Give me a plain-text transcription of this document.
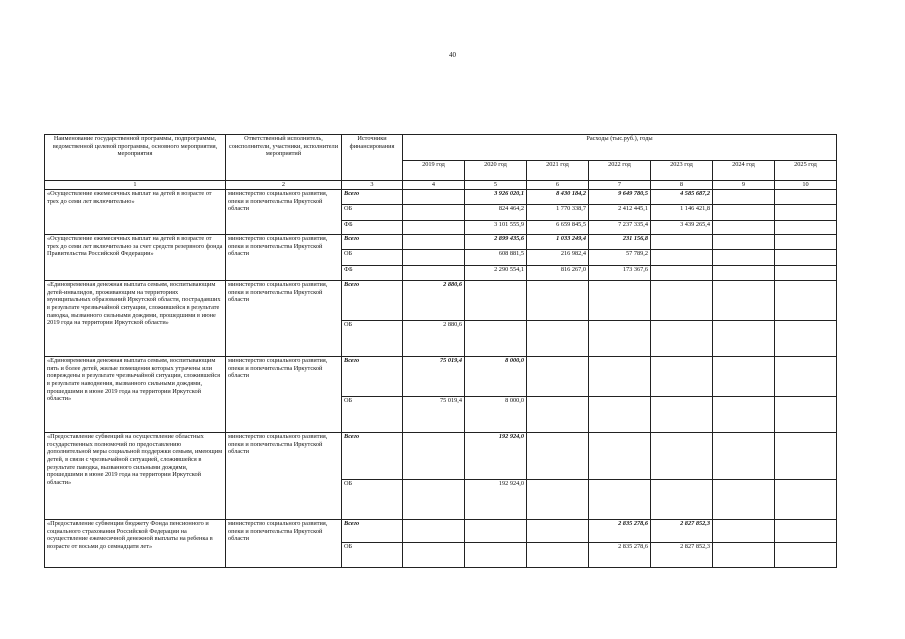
40
Наименование государственной программы, подпрограммы, ведомственной целевой программы, основного мероприятия, мероприятия	Ответственный исполнитель, соисполнители, участники, исполнители мероприятий	Источники финансирования	Расходы (тыс.руб.), годы						
			2019 год	2020 год	2021 год	2022 год	2023 год	2024 год	2025 год
1	2	3	4	5	6	7	8	9	10
«Осуществление ежемесячных выплат на детей в возрасте от трех до семи лет включительно»	министерство социального развития, опеки и попечительства Иркутской области	Всего		3 926 020,1	8 430 184,2	9 649 780,5	4 585 687,2		
		ОБ		824 464,2	1 770 338,7	2 412 445,1	1 146 421,8		
		ФБ		3 101 555,9	6 659 845,5	7 237 335,4	3 439 265,4		
«Осуществление ежемесячных выплат на детей в возрасте от трех до семи лет включительно за счет средств резервного фонда Правительства Российской Федерации»	министерство социального развития, опеки и попечительства Иркутской области	Всего		2 899 435,6	1 033 249,4	231 156,8			
		ОБ		608 881,5	216 982,4	57 789,2			
		ФБ		2 290 554,1	816 267,0	173 367,6			
«Единовременная денежная выплата семьям, воспитывающим детей-инвалидов, проживающим на территориях муниципальных образований Иркутской области, пострадавших в результате чрезвычайной ситуации, сложившейся в результате паводка, вызванного сильными дождями, прошедшими в июне 2019 года на территории Иркутской области»	министерство социального развития, опеки и попечительства Иркутской области	Всего	2 880,6						
		ОБ	2 880,6						
«Единовременная денежная выплата семьям, воспитывающим пять и более детей, жилые помещения которых утрачены или повреждены в результате чрезвычайной ситуации, сложившейся в результате наводнения, вызванного сильными дождями, прошедшими в июне 2019 года на территории Иркутской области»	министерство социального развития, опеки и попечительства Иркутской области	Всего	75 019,4	8 000,0					
		ОБ	75 019,4	8 000,0					
«Предоставление субвенций на осуществление областных государственных полномочий по предоставлению дополнительной меры социальной поддержки семьям, имеющим детей, в связи с чрезвычайной ситуацией, сложившейся в результате паводка, вызванного сильными дождями, прошедшими в июне 2019 года на территории Иркутской области»	министерство социального развития, опеки и попечительства Иркутской области	Всего		192 924,0					
		ОБ		192 924,0					
«Предоставление субвенции бюджету Фонда пенсионного и социального страхования Российской Федерации на осуществление ежемесячной денежной выплаты на ребенка в возрасте от восьми до семнадцати лет»	министерство социального развития, опеки и попечительства Иркутской области	Всего				2 835 278,6	2 827 852,3		
		ОБ				2 835 278,6	2 827 852,3		
